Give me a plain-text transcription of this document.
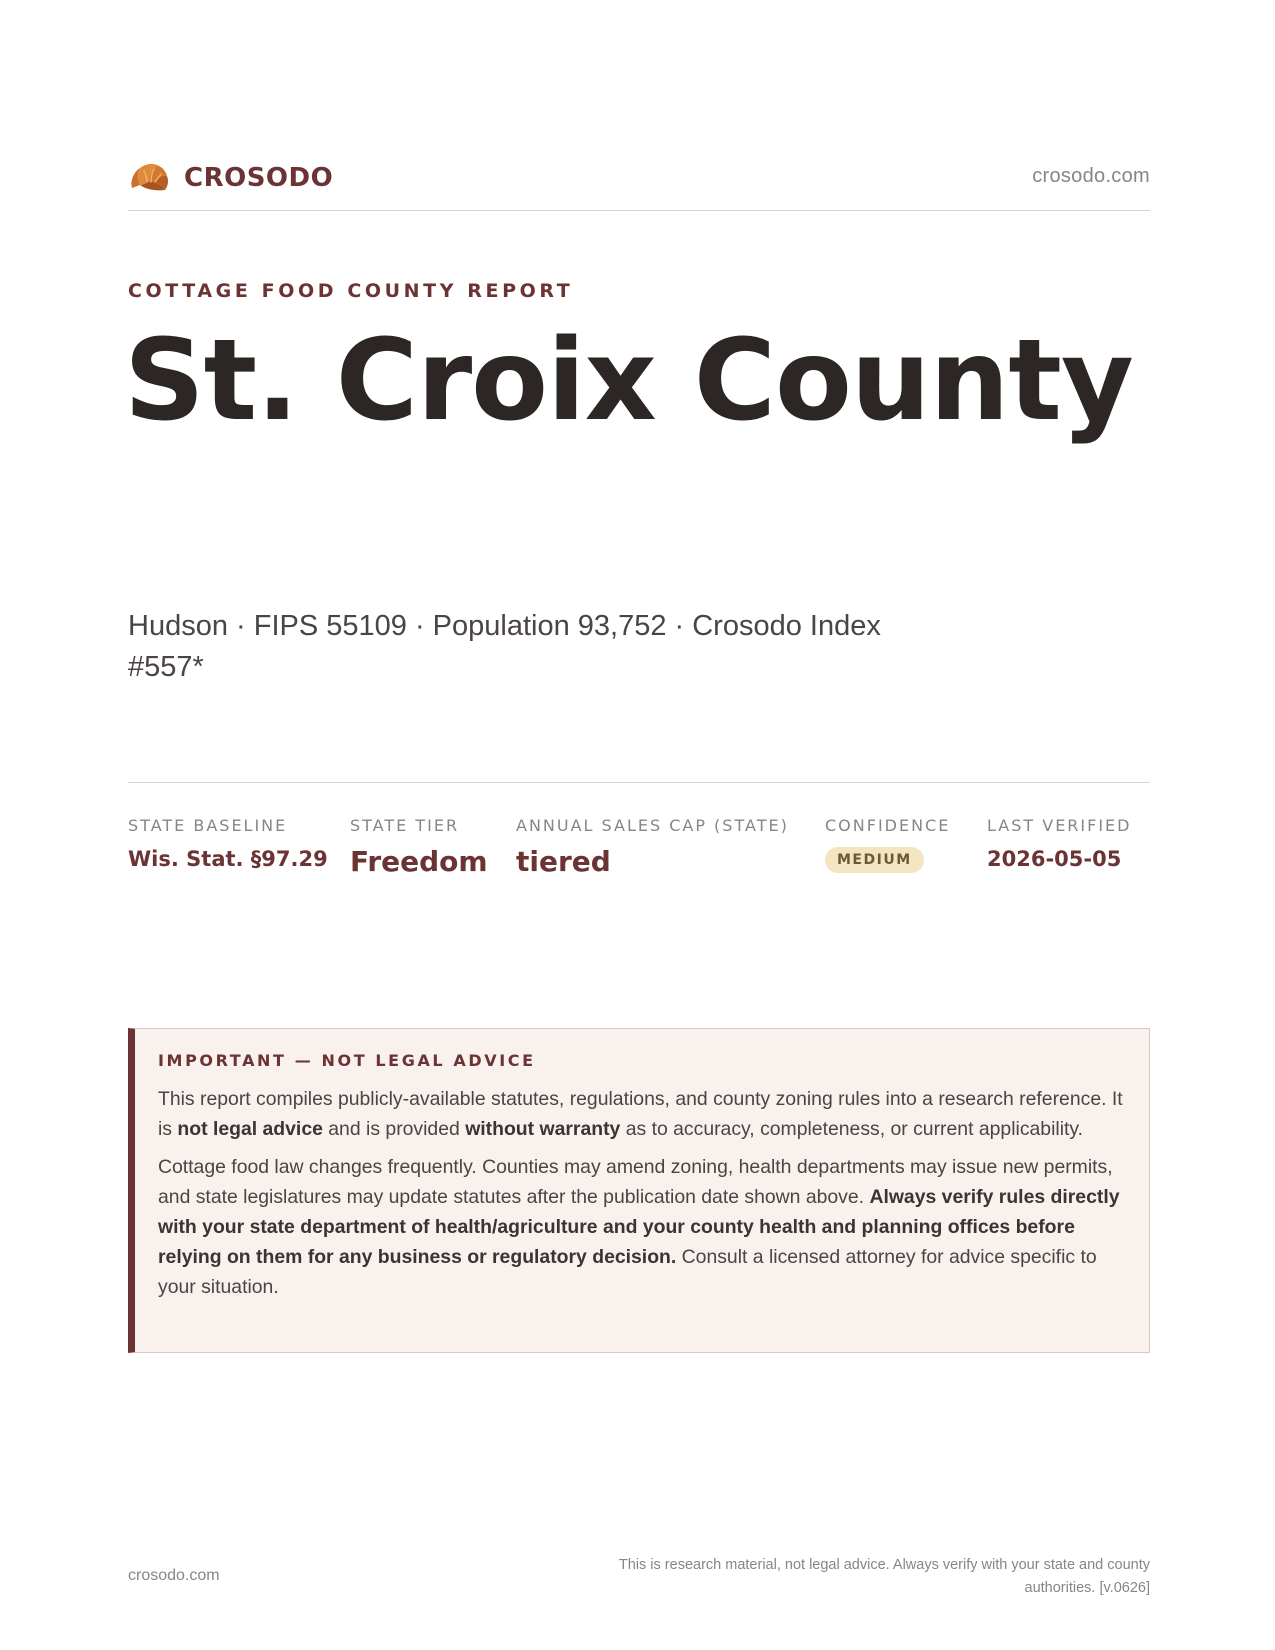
CROSODO	crosodo.com
COTTAGE FOOD COUNTY REPORT
St. Croix County
Hudson · FIPS 55109 · Population 93,752 · Crosodo Index #557*
STATE BASELINE
Wis. Stat. §97.29
STATE TIER
Freedom
ANNUAL SALES CAP (STATE)
tiered
CONFIDENCE
MEDIUM
LAST VERIFIED
2026-05-05
IMPORTANT — NOT LEGAL ADVICE

This report compiles publicly-available statutes, regulations, and county zoning rules into a research reference. It is not legal advice and is provided without warranty as to accuracy, completeness, or current applicability.

Cottage food law changes frequently. Counties may amend zoning, health departments may issue new permits, and state legislatures may update statutes after the publication date shown above. Always verify rules directly with your state department of health/agriculture and your county health and planning offices before relying on them for any business or regulatory decision. Consult a licensed attorney for advice specific to your situation.

crosodo.com
This is research material, not legal advice. Always verify with your state and county authorities. [v.0626]
